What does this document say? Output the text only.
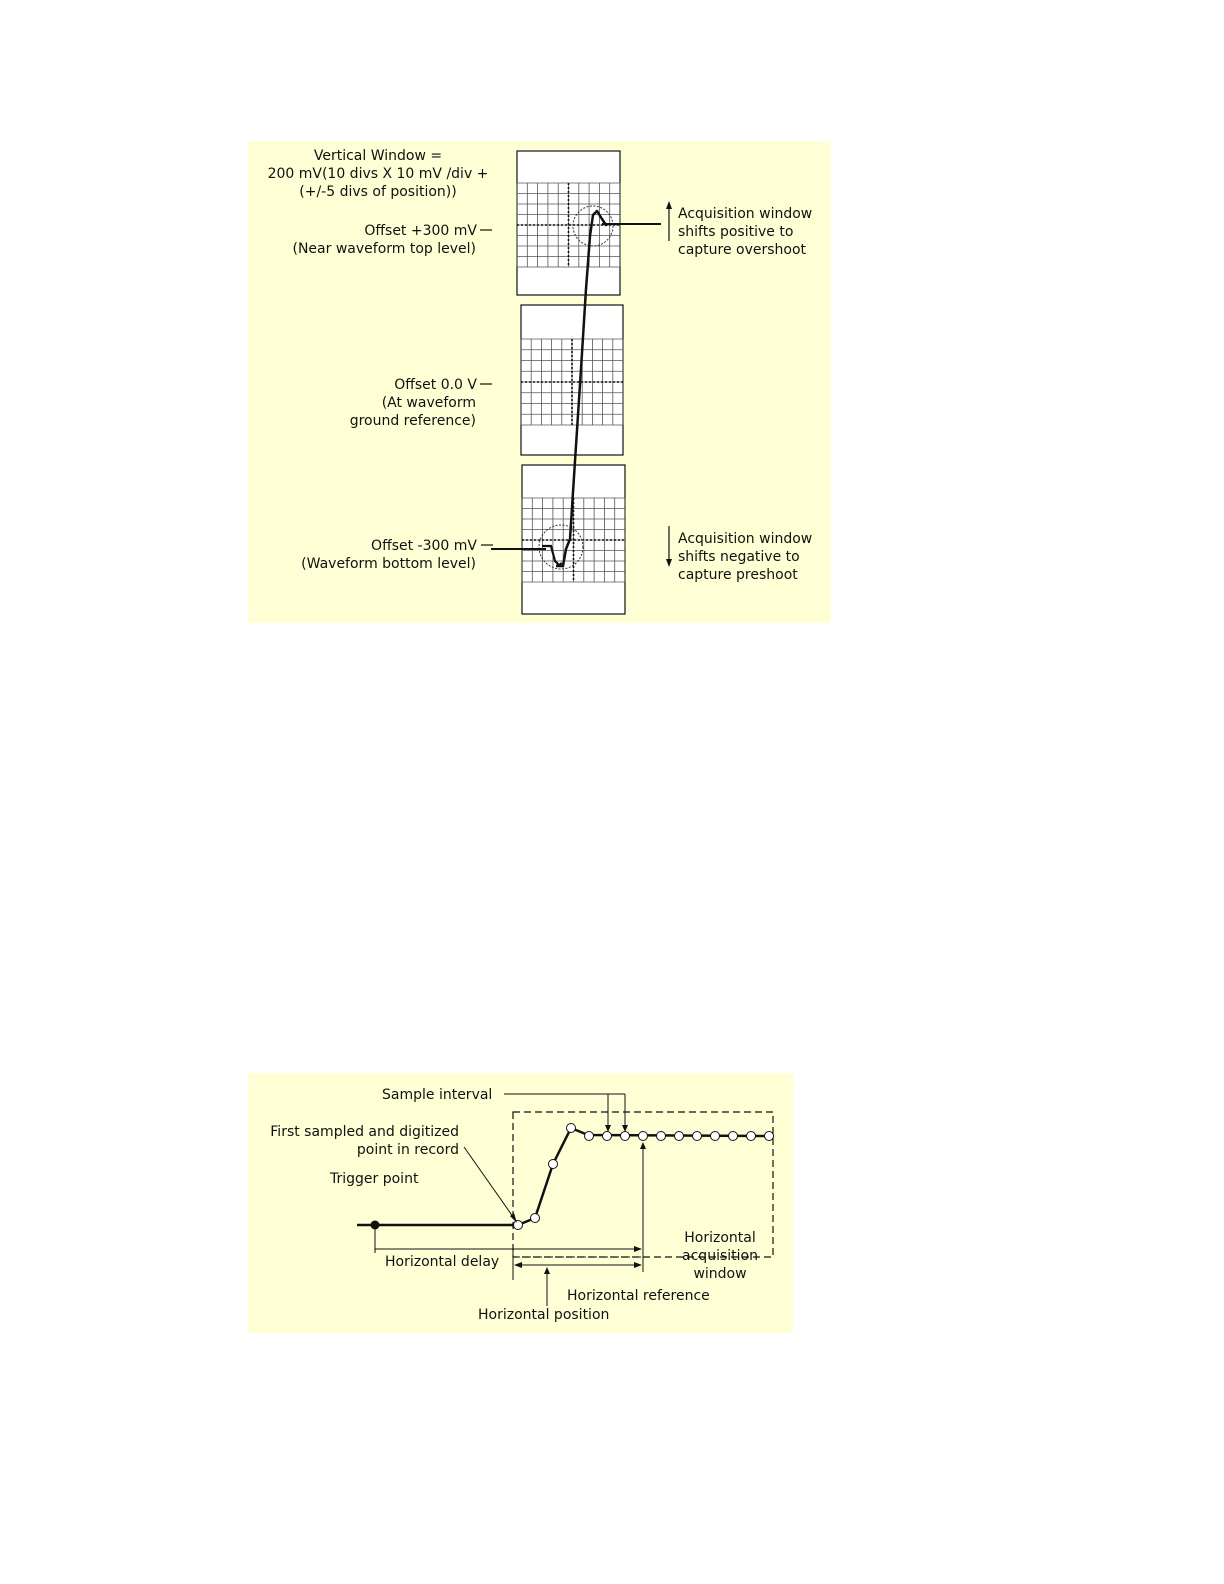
Vertical Window =
200 mV(10 divs X 10 mV /div +
(+/-5 divs of position))
Offset +300 mV
(Near waveform top level)
Offset 0.0 V
(At waveform
ground reference)
Offset -300 mV
(Waveform bottom level)
Acquisition window
shifts positive to
capture overshoot
Acquisition window
shifts negative to
capture preshoot
Sample interval
First sampled and digitized
point in record
Trigger point
Horizontal delay
Horizontal
acquisition
window
Horizontal reference
Horizontal position
